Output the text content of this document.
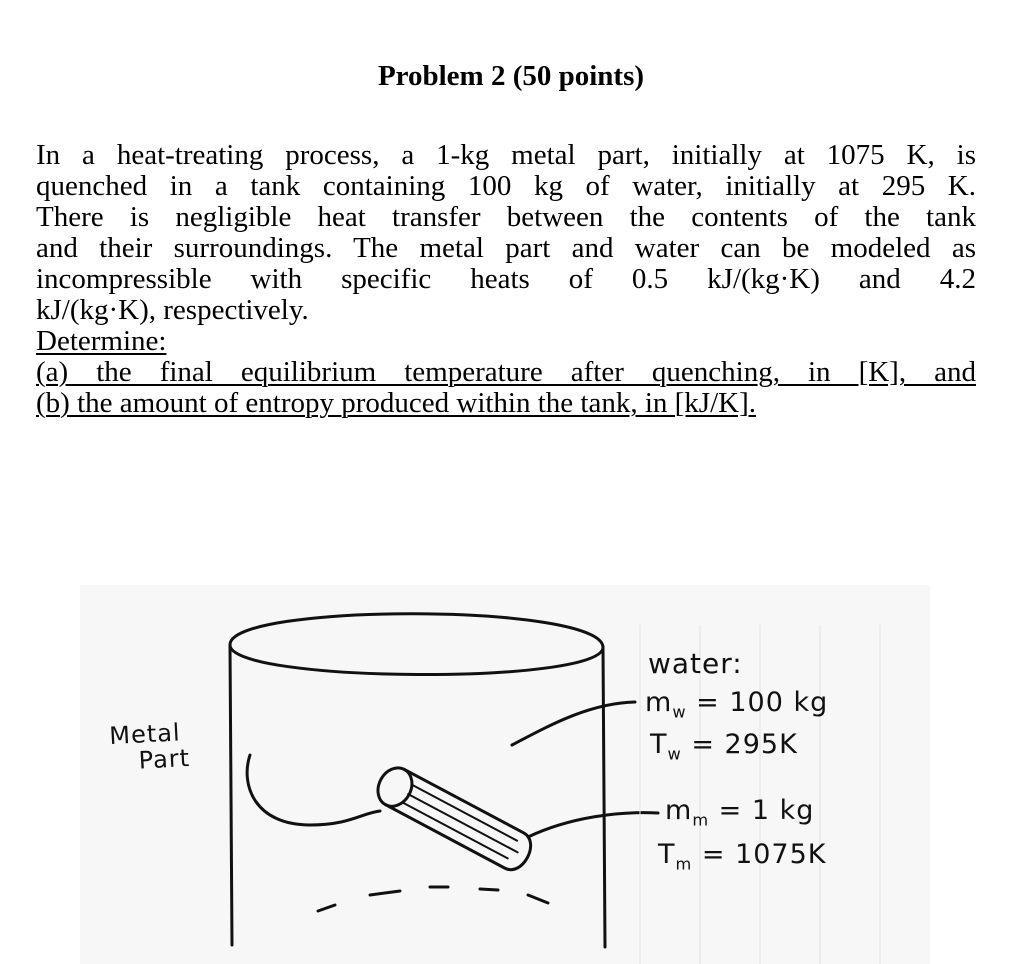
Problem 2 (50 points)
In a heat-treating process, a 1-kg metal part, initially at 1075 K, is
quenched in a tank containing 100 kg of water, initially at 295 K.
There is negligible heat transfer between the contents of the tank
and their surroundings. The metal part and water can be modeled as
incompressible with specific heats of 0.5 kJ/(kg·K) and 4.2
kJ/(kg·K), respectively.
Determine:
(a) the final equilibrium temperature after quenching, in [K], and
(b) the amount of entropy produced within the tank, in [kJ/K].
Metal
Part
water:
$m_w = 100$ kg
$T_w = 295K$
$m_m = 1$ kg
$T_m = 1075K$
